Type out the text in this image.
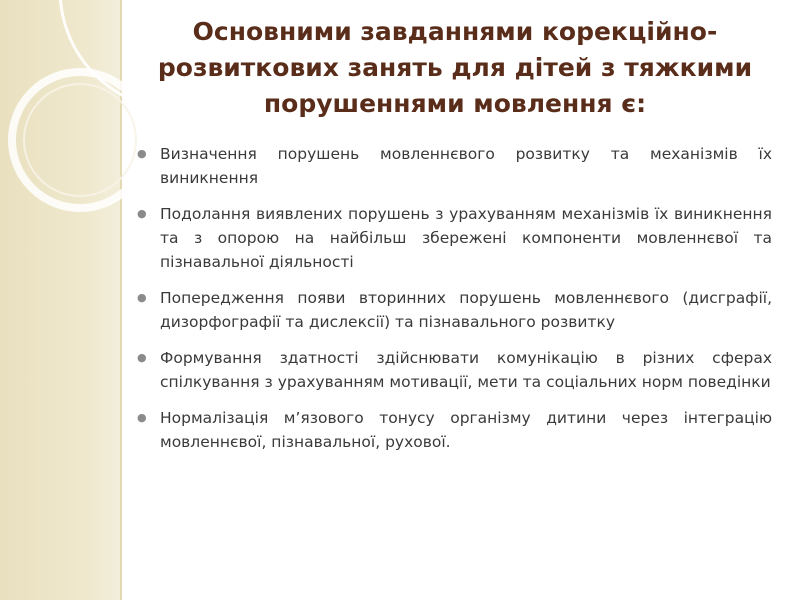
Основними завданнями корекційно-розвиткових занять для дітей з тяжкими порушеннями мовлення є:
● Визначення порушень мовленнєвого розвитку та механізмів їх виникнення
● Подолання виявлених порушень з урахуванням механізмів їх виникнення та з опорою на найбільш збережені компоненти мовленнєвої та пізнавальної діяльності
● Попередження появи вторинних порушень мовленнєвого (дисграфії, дизорфографії та дислексії) та пізнавального розвитку
● Формування здатності здійснювати комунікацію в різних сферах спілкування з урахуванням мотивації, мети та соціальних норм поведінки
● Нормалізація м’язового тонусу організму дитини через інтеграцію мовленнєвої, пізнавальної, рухової.
